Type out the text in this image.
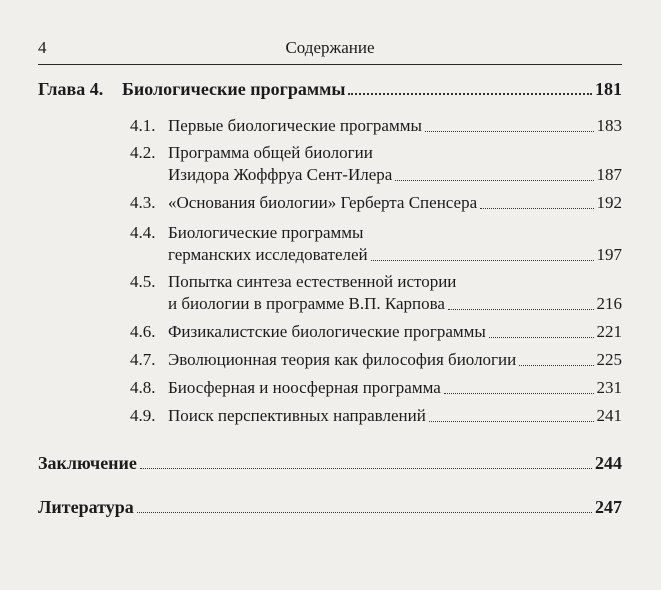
4	Содержание
Глава 4.	Биологические программы	181
4.1. Первые биологические программы	183
4.2. Программа общей биологии
Изидора Жоффруа Сент-Илера	187
4.3. «Основания биологии» Герберта Спенсера	192
4.4. Биологические программы
германских исследователей	197
4.5. Попытка синтеза естественной истории
и биологии в программе В.П. Карпова	216
4.6. Физикалистские биологические программы	221
4.7. Эволюционная теория как философия биологии	225
4.8. Биосферная и ноосферная программа	231
4.9. Поиск перспективных направлений	241
Заключение	244
Литература	247
